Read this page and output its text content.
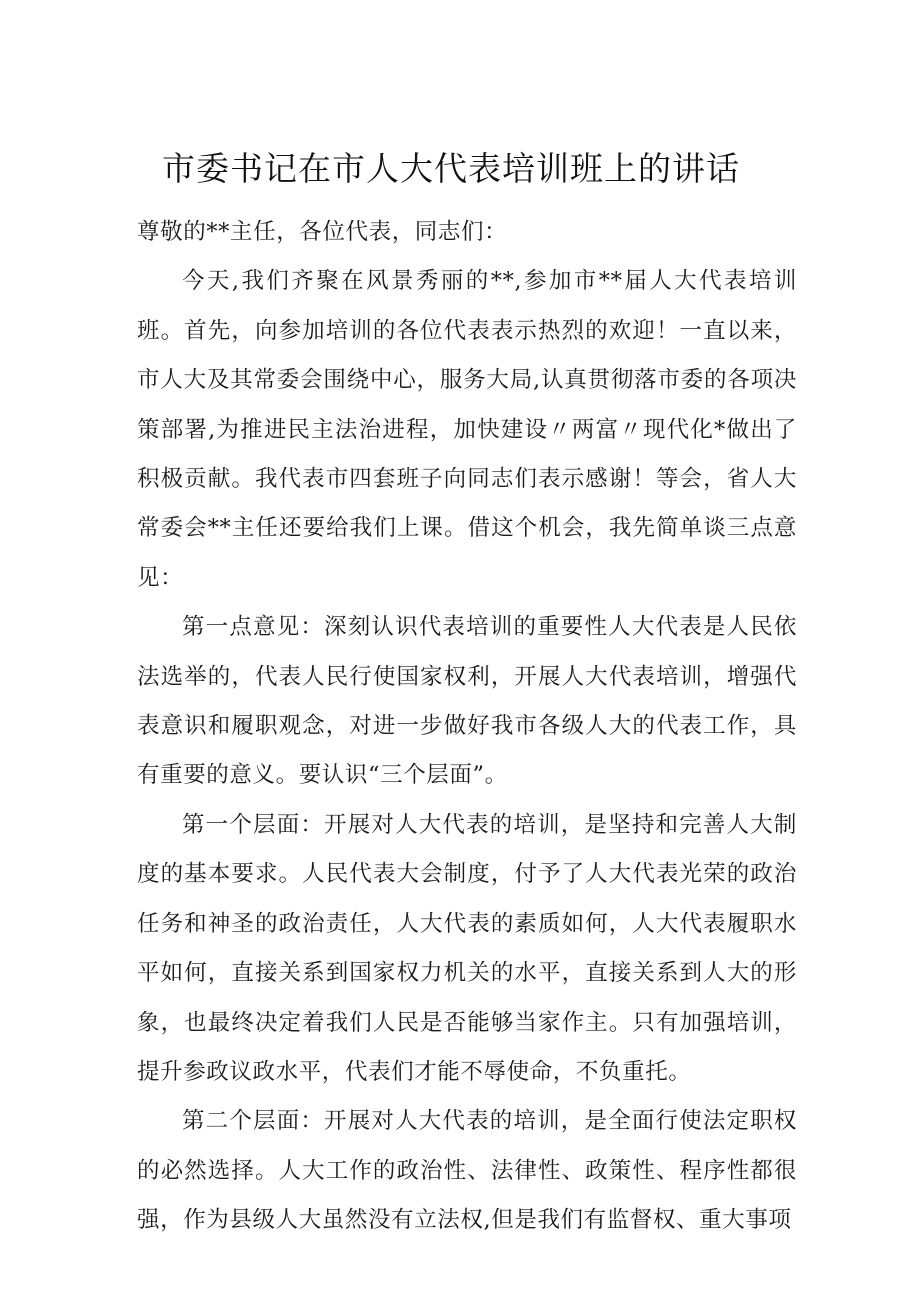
市委书记在市人大代表培训班上的讲话

尊敬的**主任，各位代表，同志们：

今天,我们齐聚在风景秀丽的**,参加市**届人大代表培训班。首先，向参加培训的各位代表表示热烈的欢迎！一直以来，市人大及其常委会围绕中心，服务大局,认真贯彻落市委的各项决策部署,为推进民主法治进程，加快建设〃两富〃现代化*做出了积极贡献。我代表市四套班子向同志们表示感谢！等会，省人大常委会**主任还要给我们上课。借这个机会，我先简单谈三点意见：

第一点意见：深刻认识代表培训的重要性人大代表是人民依法选举的，代表人民行使国家权利，开展人大代表培训，增强代表意识和履职观念，对进一步做好我市各级人大的代表工作，具有重要的意义。要认识“三个层面”。

第一个层面：开展对人大代表的培训，是坚持和完善人大制度的基本要求。人民代表大会制度，付予了人大代表光荣的政治任务和神圣的政治责任，人大代表的素质如何，人大代表履职水平如何，直接关系到国家权力机关的水平，直接关系到人大的形象，也最终决定着我们人民是否能够当家作主。只有加强培训，提升参政议政水平，代表们才能不辱使命，不负重托。

第二个层面：开展对人大代表的培训，是全面行使法定职权的必然选择。人大工作的政治性、法律性、政策性、程序性都很强，作为县级人大虽然没有立法权,但是我们有监督权、重大事项
